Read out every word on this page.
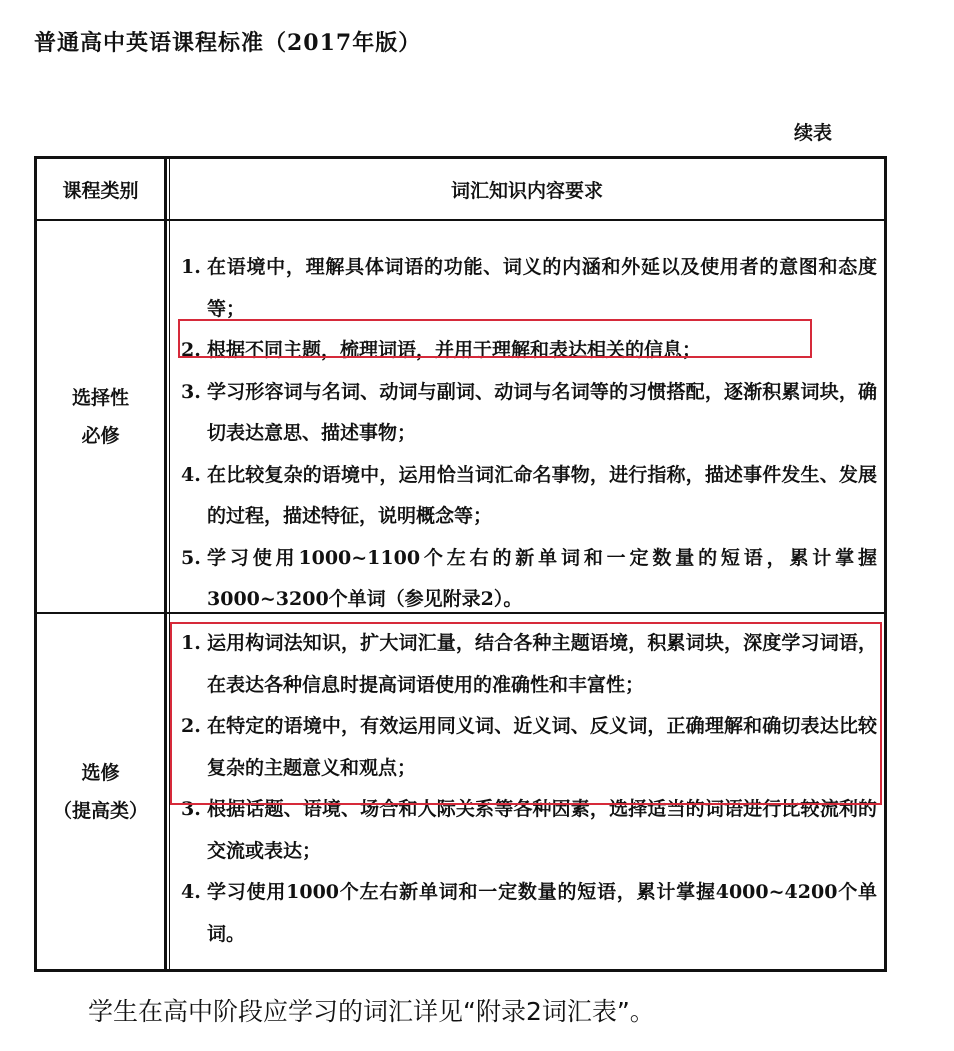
普通高中英语课程标准（2017年版）
续表
课程类别	词汇知识内容要求
选择性
必修
1. 在语境中，理解具体词语的功能、词义的内涵和外延以及使用者的意图和态度等；
2. 根据不同主题，梳理词语，并用于理解和表达相关的信息；
3. 学习形容词与名词、动词与副词、动词与名词等的习惯搭配，逐渐积累词块，确切表达意思、描述事物；
4. 在比较复杂的语境中，运用恰当词汇命名事物，进行指称，描述事件发生、发展的过程，描述特征，说明概念等；
5. 学习使用1000~1100个左右的新单词和一定数量的短语，累计掌握3000~3200个单词（参见附录2）。
选修
（提高类）
1. 运用构词法知识，扩大词汇量，结合各种主题语境，积累词块，深度学习词语，在表达各种信息时提高词语使用的准确性和丰富性；
2. 在特定的语境中，有效运用同义词、近义词、反义词，正确理解和确切表达比较复杂的主题意义和观点；
3. 根据话题、语境、场合和人际关系等各种因素，选择适当的词语进行比较流利的交流或表达；
4. 学习使用1000个左右新单词和一定数量的短语，累计掌握4000~4200个单词。
学生在高中阶段应学习的词汇详见“附录2词汇表”。
